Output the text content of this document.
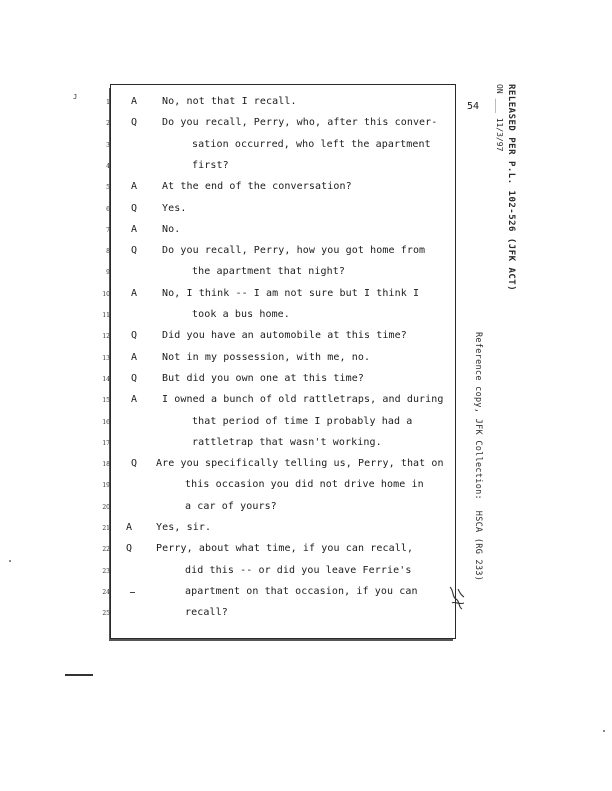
J
54
1 A No, not that I recall.
2 Q Do you recall, Perry, who, after this conver-
3	sation occurred, who left the apartment
4	first?
5 A At the end of the conversation?
6 Q Yes.
7 A No.
8 Q Do you recall, Perry, how you got home from
9	the apartment that night?
10 A No, I think -- I am not sure but I think I
11	took a bus home.
12 Q Did you have an automobile at this time?
13 A Not in my possession, with me, no.
14 Q But did you own one at this time?
15 A I owned a bunch of old rattletraps, and during
16	that period of time I probably had a
17	rattletrap that wasn't working.
18 Q Are you specifically telling us, Perry, that on
19	this occasion you did not drive home in
20	a car of yours?
21 A Yes, sir.
22 Q Perry, about what time, if you can recall,
23	did this -- or did you leave Ferrie's
24	apartment on that occasion, if you can
25	recall?
RELEASED PER P.L. 102-526 (JFK ACT)
ON ___ 11/3/97
Reference copy, JFK Collection:  HSCA (RG 233)
